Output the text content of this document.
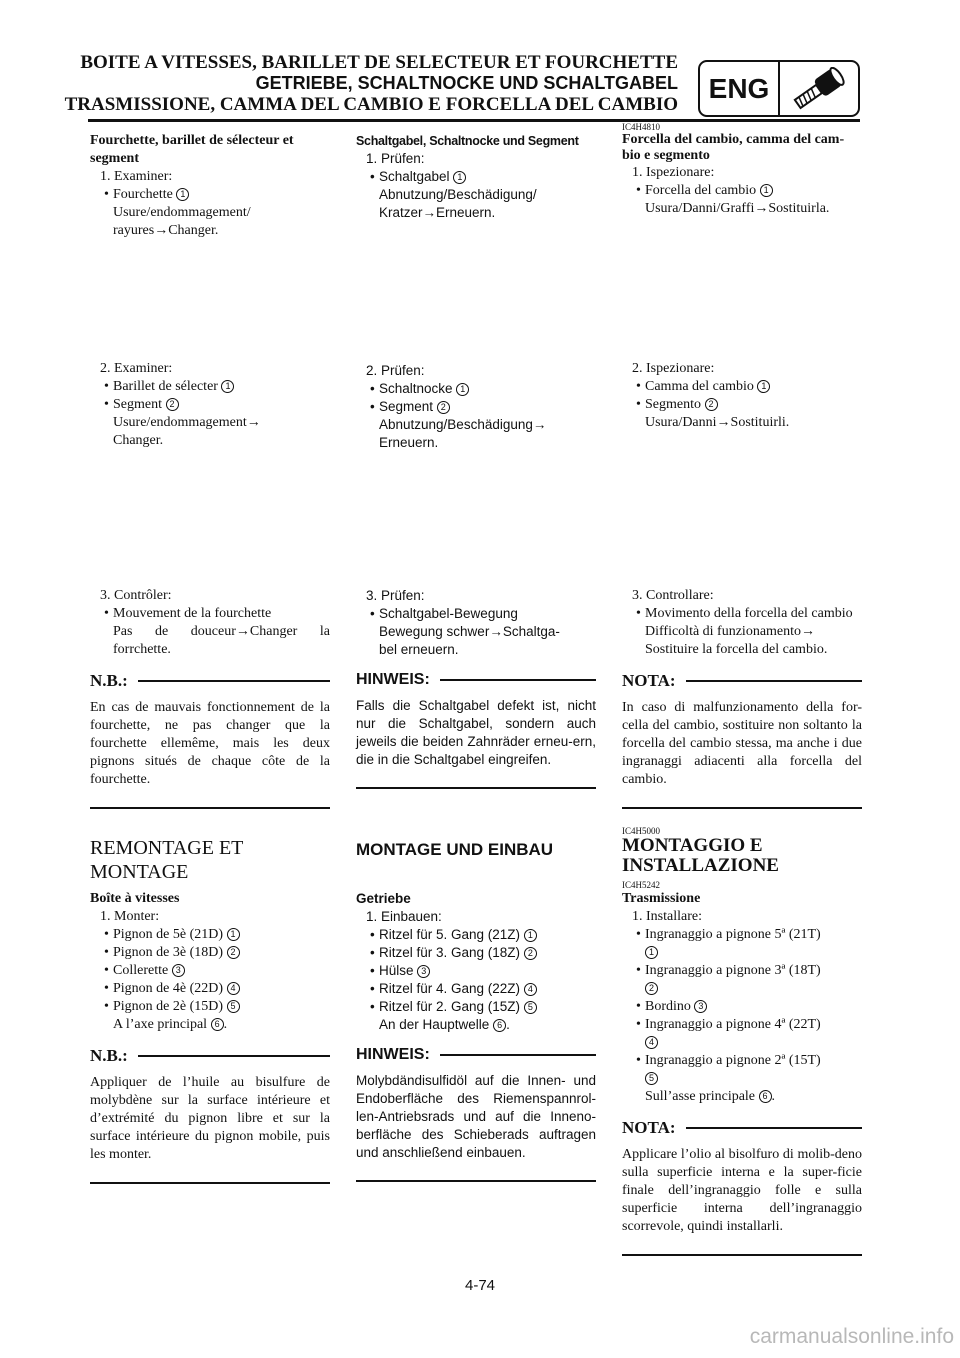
BOITE A VITESSES, BARILLET DE SELECTEUR ET FOURCHETTE
GETRIEBE, SCHALTNOCKE UND SCHALTGABEL
TRASMISSIONE, CAMMA DEL CAMBIO E FORCELLA DEL CAMBIO
ENG
Fourchette, barillet de sélecteur et segment
1. Examiner:
• Fourchette 1
Usure/endommagement/
rayures→Changer.
2. Examiner:
• Barillet de sélecter 1
• Segment 2
Usure/endommagement→
Changer.
3. Contrôler:
• Mouvement de la fourchette
Pas de douceur→Changer la forrchette.
N.B.:
En cas de mauvais fonctionnement de la fourchette, ne pas changer que la fourchette ellemême, mais les deux pignons situés de chaque côte de la fourchette.
REMONTAGE ET
MONTAGE
Boîte à vitesses
1. Monter:
• Pignon de 5è (21D) 1
• Pignon de 3è (18D) 2
• Collerette 3
• Pignon de 4è (22D) 4
• Pignon de 2è (15D) 5
A l’axe principal 6 .
N.B.:
Appliquer de l’huile au bisulfure de molybdène sur la surface intérieure et d’extrémité du pignon libre et sur la surface intérieure du pignon mobile, puis les monter.
Schaltgabel, Schaltnocke und Segment
1. Prüfen:
• Schaltgabel 1
Abnutzung/Beschädigung/
Kratzer→Erneuern.
2. Prüfen:
• Schaltnocke 1
• Segment 2
Abnutzung/Beschädigung→
Erneuern.
3. Prüfen:
• Schaltgabel-Bewegung
Bewegung schwer→Schaltga-
bel erneuern.
HINWEIS:
Falls die Schaltgabel defekt ist, nicht nur die Schaltgabel, sondern auch jeweils die beiden Zahnräder erneu-ern, die in die Schaltgabel eingreifen.
MONTAGE UND EINBAU
Getriebe
1. Einbauen:
• Ritzel für 5. Gang (21Z) 1
• Ritzel für 3. Gang (18Z) 2
• Hülse 3
• Ritzel für 4. Gang (22Z) 4
• Ritzel für 2. Gang (15Z) 5
An der Hauptwelle 6 .
HINWEIS:
Molybdändisulfidöl auf die Innen- und Endoberfläche des Riemenspannrol-len-Antriebsrads und auf die Inneno-berfläche des Schieberads auftragen und anschließend einbauen.
IC4H4810
Forcella del cambio, camma del cam-bio e segmento
1. Ispezionare:
• Forcella del cambio 1
Usura/Danni/Graffi→Sostituirla.
2. Ispezionare:
• Camma del cambio 1
• Segmento 2
Usura/Danni→Sostituirli.
3. Controllare:
• Movimento della forcella del cambio
Difficoltà di funzionamento→
Sostituire la forcella del cambio.
NOTA:
In caso di malfunzionamento della for-cella del cambio, sostituire non soltanto la forcella del cambio stessa, ma anche i due ingranaggi adiacenti alla forcella del cambio.
IC4H5000
MONTAGGIO E
INSTALLAZIONE
IC4H5242
Trasmissione
1. Installare:
• Ingranaggio a pignone 5ª (21T)
1
• Ingranaggio a pignone 3ª (18T)
2
• Bordino 3
• Ingranaggio a pignone 4ª (22T)
4
• Ingranaggio a pignone 2ª (15T)
5
Sull’asse principale 6 .
NOTA:
Applicare l’olio al bisolfuro di molib-deno sulla superficie interna e la super-ficie finale dell’ingranaggio folle e sulla superficie interna dell’ingranaggio scorrevole, quindi installarli.
4-74
carmanualsonline.info
